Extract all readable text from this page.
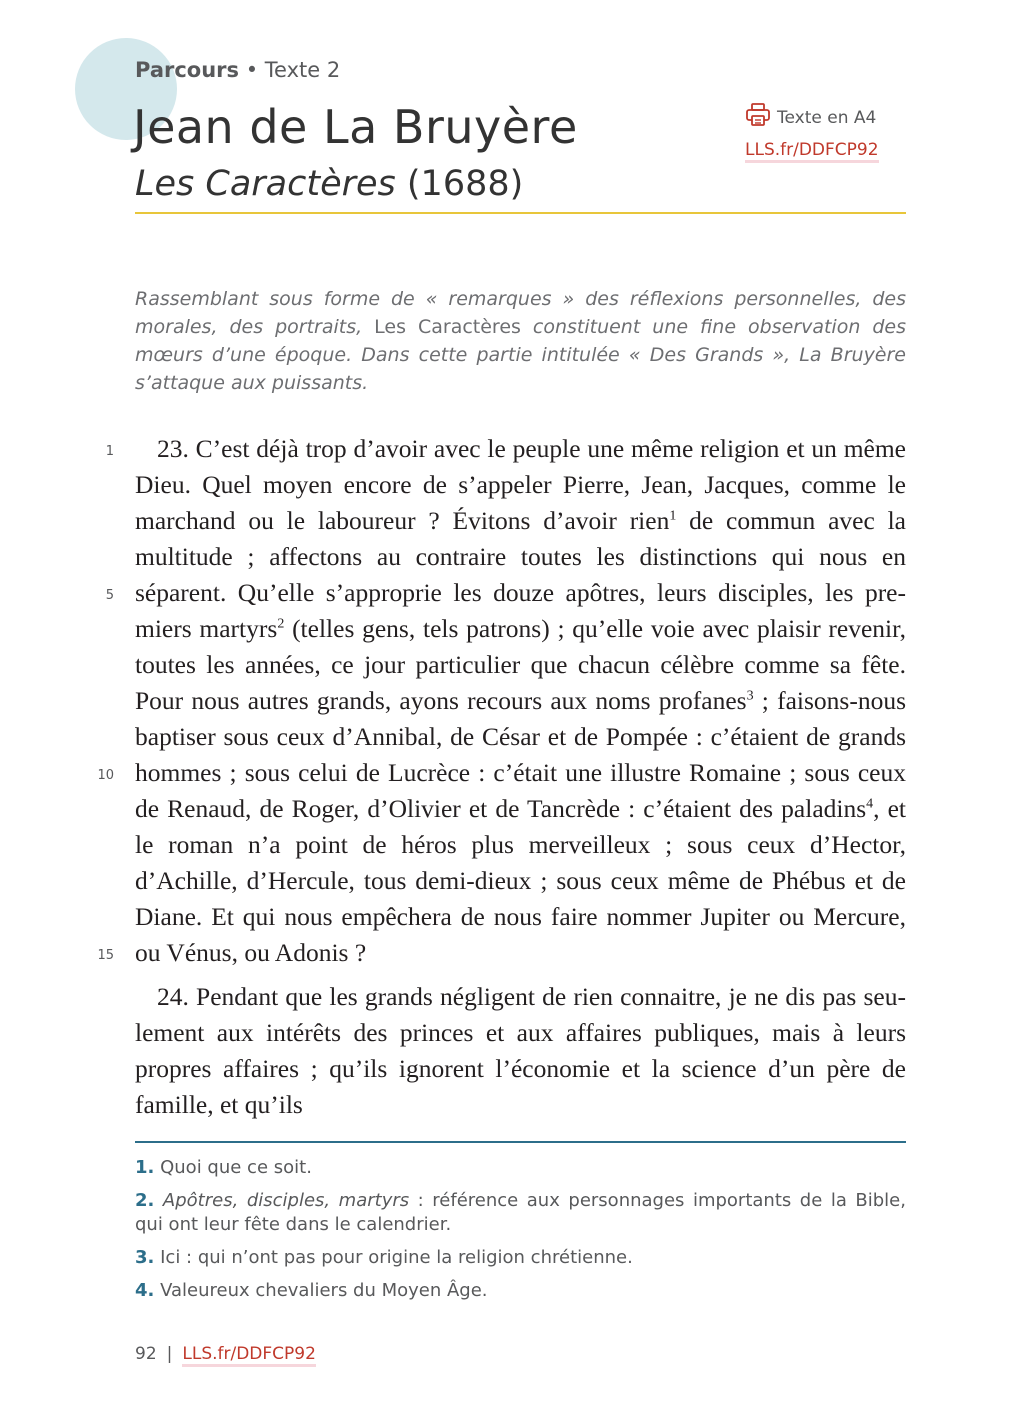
Parcours • Texte 2
Jean de La Bruyère
Les Caractères (1688)
Texte en A4
LLS.fr/DDFCP92
Rassemblant sous forme de « remarques » des réflexions personnelles, des morales, des portraits, Les Caractères constituent une fine observation des mœurs d’une époque. Dans cette partie intitulée « Des Grands », La Bruyère s’attaque aux puissants.
1
5
10
15

23. C’est déjà trop d’avoir avec le peuple une même religion et un même Dieu. Quel moyen encore de s’appeler Pierre, Jean, Jacques, comme le marchand ou le laboureur ? Évitons d’avoir rien$^1$ de commun avec la multitude ; affectons au contraire toutes les distinctions qui nous en séparent. Qu’elle s’approprie les douze apôtres, leurs disciples, les premiers martyrs$^2$ (telles gens, tels patrons) ; qu’elle voie avec plaisir revenir, toutes les années, ce jour particulier que chacun célèbre comme sa fête. Pour nous autres grands, ayons recours aux noms profanes$^3$ ; faisons-nous baptiser sous ceux d’Annibal, de César et de Pompée : c’étaient de grands hommes ; sous celui de Lucrèce : c’était une illustre Romaine ; sous ceux de Renaud, de Roger, d’Olivier et de Tancrède : c’étaient des paladins$^4$, et le roman n’a point de héros plus merveilleux ; sous ceux d’Hector, d’Achille, d’Hercule, tous demi-dieux ; sous ceux même de Phébus et de Diane. Et qui nous empêchera de nous faire nommer Jupiter ou Mercure, ou Vénus, ou Adonis ?

24. Pendant que les grands négligent de rien connaitre, je ne dis pas seulement aux intérêts des princes et aux affaires publiques, mais à leurs propres affaires ; qu’ils ignorent l’économie et la science d’un père de famille, et qu’ils

1. Quoi que ce soit.

2. Apôtres, disciples, martyrs : référence aux personnages importants de la Bible, qui ont leur fête dans le calendrier.

3. Ici : qui n’ont pas pour origine la religion chrétienne.

4. Valeureux chevaliers du Moyen Âge.

92 | LLS.fr/DDFCP92
